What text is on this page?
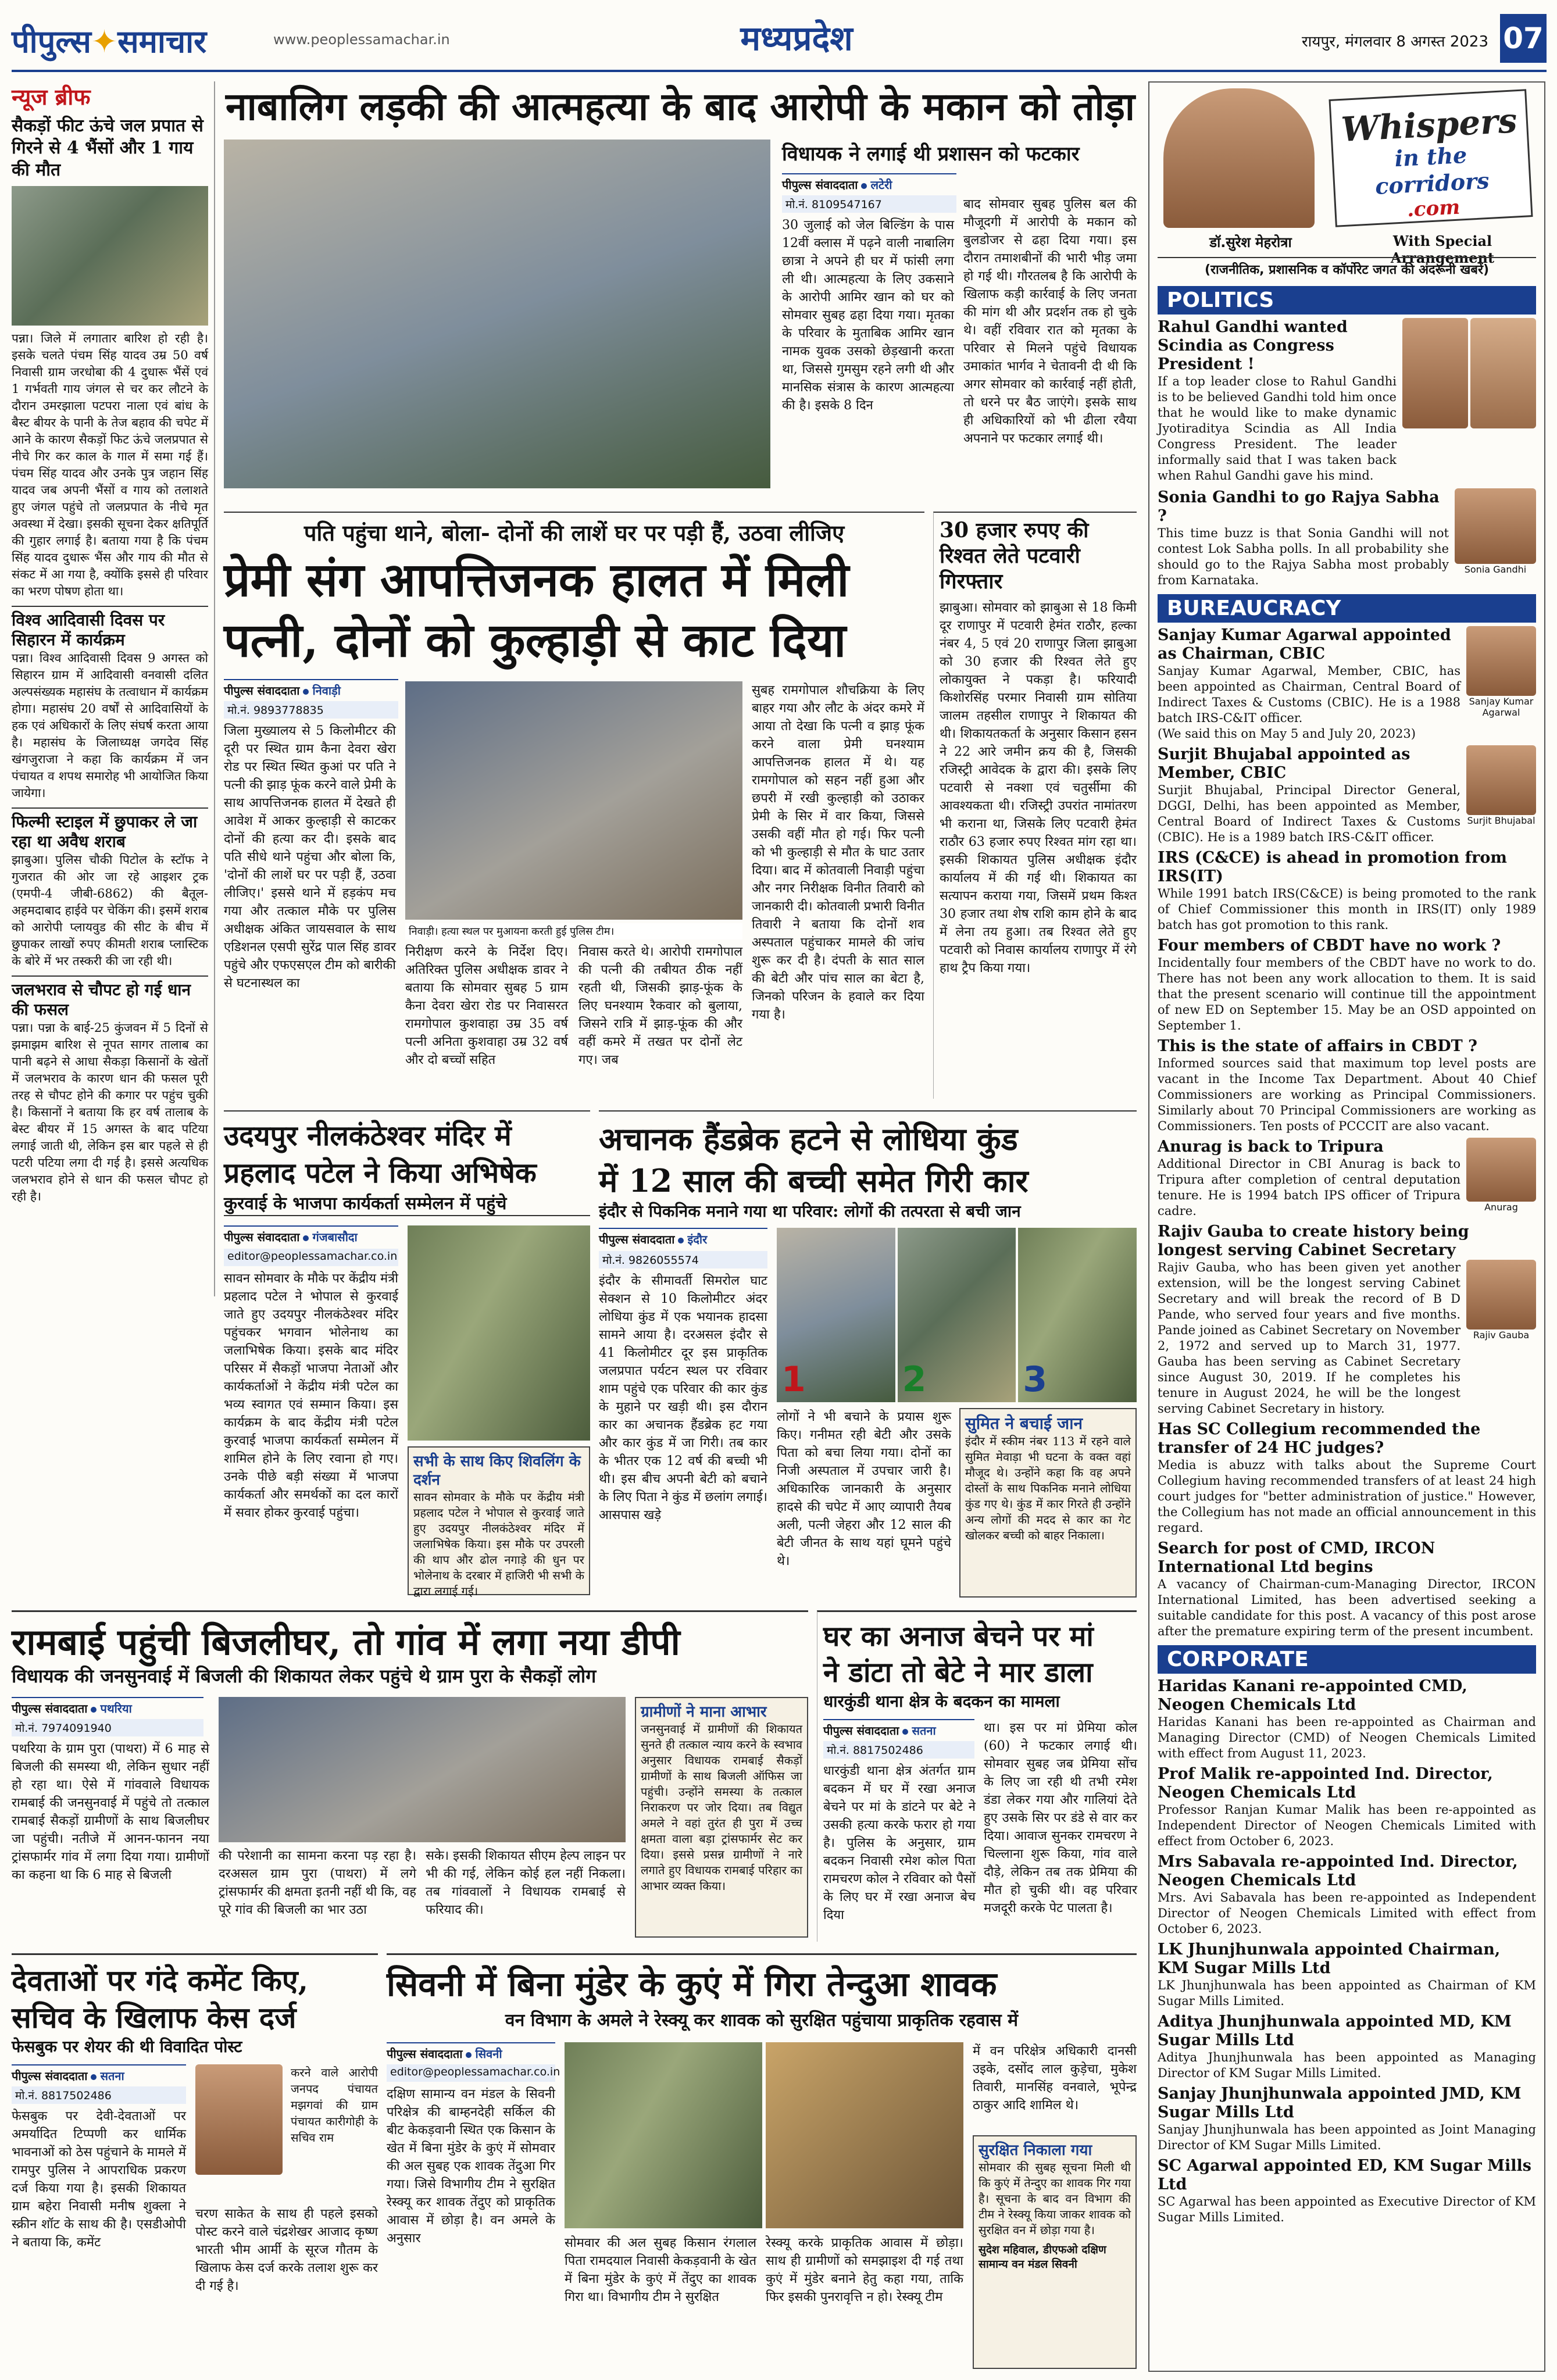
पीपुल्स✦समाचार	www.peoplessamachar.in	मध्यप्रदेश	रायपुर, मंगलवार 8 अगस्त 2023 07
न्यूज ब्रीफ
सैकड़ों फीट ऊंचे जल प्रपात से गिरने से 4 भैंसों और 1 गाय की मौत
पन्ना। जिले में लगातार बारिश हो रही है। इसके चलते पंचम सिंह यादव उम्र 50 वर्ष निवासी ग्राम जरधोबा की 4 दुधारू भैंसें एवं 1 गर्भवती गाय जंगल से चर कर लौटने के दौरान उमरझाला पटपरा नाला एवं बांध के बैस्ट बीयर के पानी के तेज बहाव की चपेट में आने के कारण सैकड़ों फिट ऊंचे जलप्रपात से नीचे गिर कर काल के गाल में समा गई हैं। पंचम सिंह यादव और उनके पुत्र जहान सिंह यादव जब अपनी भैंसों व गाय को तलाशते हुए जंगल पहुंचे तो जलप्रपात के नीचे मृत अवस्था में देखा। इसकी सूचना देकर क्षतिपूर्ति की गुहार लगाई है। बताया गया है कि पंचम सिंह यादव दुधारू भैंस और गाय की मौत से संकट में आ गया है, क्योंकि इससे ही परिवार का भरण पोषण होता था।
विश्व आदिवासी दिवस पर सिहारन में कार्यक्रम
पन्ना। विश्व आदिवासी दिवस 9 अगस्त को सिहारन ग्राम में आदिवासी वनवासी दलित अल्पसंख्यक महासंघ के तत्वाधान में कार्यक्रम होगा। महासंघ 20 वर्षों से आदिवासियों के हक एवं अधिकारों के लिए संघर्ष करता आया है। महासंघ के जिलाध्यक्ष जगदेव सिंह खंगजुराजा ने कहा कि कार्यक्रम में जन पंचायत व शपथ समारोह भी आयोजित किया जायेगा।
फिल्मी स्टाइल में छुपाकर ले जा रहा था अवैध शराब
झाबुआ। पुलिस चौकी पिटोल के स्टॉफ ने गुजरात की ओर जा रहे आइशर ट्रक (एमपी-4 जीबी-6862) की बैतूल-अहमदाबाद हाईवे पर चेकिंग की। इसमें शराब को आरोपी प्लायवुड की सीट के बीच में छुपाकर लाखों रुपए कीमती शराब प्लास्टिक के बोरे में भर तस्करी की जा रही थी।
जलभराव से चौपट हो गई धान की फसल
पन्ना। पन्ना के बाई-25 कुंजवन में 5 दिनों से झमाझम बारिश से नूपत सागर तालाब का पानी बढ़ने से आधा सैकड़ा किसानों के खेतों में जलभराव के कारण धान की फसल पूरी तरह से चौपट होने की कगार पर पहुंच चुकी है। किसानों ने बताया कि हर वर्ष तालाब के बेस्ट बीयर में 15 अगस्त के बाद पटिया लगाई जाती थी, लेकिन इस बार पहले से ही पटरी पटिया लगा दी गई है। इससे अत्यधिक जलभराव होने से धान की फसल चौपट हो रही है।
नाबालिग लड़की की आत्महत्या के बाद आरोपी के मकान को तोड़ा
विधायक ने लगाई थी प्रशासन को फटकार
पीपुल्स संवाददाता लटेरी
मो.नं. 8109547167
30 जुलाई को जेल बिल्डिंग के पास 12वीं क्लास में पढ़ने वाली नाबालिग छात्रा ने अपने ही घर में फांसी लगा ली थी। आत्महत्या के लिए उकसाने के आरोपी आमिर खान को घर को सोमवार सुबह ढहा दिया गया। मृतका के परिवार के मुताबिक आमिर खान नामक युवक उसको छेड़खानी करता था, जिससे गुमसुम रहने लगी थी और मानसिक संत्रास के कारण आत्महत्या की है। इसके 8 दिन
बाद सोमवार सुबह पुलिस बल की मौजूदगी में आरोपी के मकान को बुलडोजर से ढहा दिया गया। इस दौरान तमाशबीनों की भारी भीड़ जमा हो गई थी। गौरतलब है कि आरोपी के खिलाफ कड़ी कार्रवाई के लिए जनता की मांग थी और प्रदर्शन तक हो चुके थे। वहीं रविवार रात को मृतका के परिवार से मिलने पहुंचे विधायक उमाकांत भार्गव ने चेतावनी दी थी कि अगर सोमवार को कार्रवाई नहीं होती, तो धरने पर बैठ जाएंगे। इसके साथ ही अधिकारियों को भी ढीला रवैया अपनाने पर फटकार लगाई थी।
पति पहुंचा थाने, बोला- दोनों की लाशें घर पर पड़ी हैं, उठवा लीजिए
प्रेमी संग आपत्तिजनक हालत में मिली
पत्नी, दोनों को कुल्हाड़ी से काट दिया
पीपुल्स संवाददाता निवाड़ी
मो.नं. 9893778835
जिला मुख्यालय से 5 किलोमीटर की दूरी पर स्थित ग्राम कैना देवरा खेरा रोड पर स्थित स्थित कुआं पर पति ने पत्नी की झाड़ फूंक करने वाले प्रेमी के साथ आपत्तिजनक हालत में देखते ही आवेश में आकर कुल्हाड़ी से काटकर दोनों की हत्या कर दी। इसके बाद पति सीधे थाने पहुंचा और बोला कि, 'दोनों की लाशें घर पर पड़ी हैं, उठवा लीजिए।' इससे थाने में हड़कंप मच गया और तत्काल मौके पर पुलिस अधीक्षक अंकित जायसवाल के साथ एडिशनल एसपी सुरेंद्र पाल सिंह डावर पहुंचे और एफएसएल टीम को बारीकी से घटनास्थल का
निवाड़ी। हत्या स्थल पर मुआयना करती हुई पुलिस टीम।
निरीक्षण करने के निर्देश दिए। अतिरिक्त पुलिस अधीक्षक डावर ने बताया कि सोमवार सुबह 5 ग्राम कैना देवरा खेरा रोड पर निवासरत रामगोपाल कुशवाहा उम्र 35 वर्ष पत्नी अनिता कुशवाहा उम्र 32 वर्ष और दो बच्चों सहित
निवास करते थे। आरोपी रामगोपाल की पत्नी की तबीयत ठीक नहीं रहती थी, जिसकी झाड़-फूंक के लिए घनश्याम रैकवार को बुलाया, जिसने रात्रि में झाड़-फूंक की और वहीं कमरे में तखत पर दोनों लेट गए। जब
सुबह रामगोपाल शौचक्रिया के लिए बाहर गया और लौट के अंदर कमरे में आया तो देखा कि पत्नी व झाड़ फूंक करने वाला प्रेमी घनश्याम आपत्तिजनक हालत में थे। यह रामगोपाल को सहन नहीं हुआ और छपरी में रखी कुल्हाड़ी को उठाकर प्रेमी के सिर में वार किया, जिससे उसकी वहीं मौत हो गई। फिर पत्नी को भी कुल्हाड़ी से मौत के घाट उतार दिया। बाद में कोतवाली निवाड़ी पहुंचा और नगर निरीक्षक विनीत तिवारी को जानकारी दी। कोतवाली प्रभारी विनीत तिवारी ने बताया कि दोनों शव अस्पताल पहुंचाकर मामले की जांच शुरू कर दी है। दंपती के सात साल की बेटी और पांच साल का बेटा है, जिनको परिजन के हवाले कर दिया गया है।
30 हजार रुपए की रिश्वत लेते पटवारी गिरफ्तार
झाबुआ। सोमवार को झाबुआ से 18 किमी दूर राणापुर में पटवारी हेमंत राठौर, हल्का नंबर 4, 5 एवं 20 राणापुर जिला झाबुआ को 30 हजार की रिश्वत लेते हुए लोकायुक्त ने पकड़ा है। फरियादी किशोरसिंह परमार निवासी ग्राम सोतिया जालम तहसील राणापुर ने शिकायत की थी। शिकायतकर्ता के अनुसार किसान हसन ने 22 आरे जमीन क्रय की है, जिसकी रजिस्ट्री आवेदक के द्वारा की। इसके लिए पटवारी से नक्शा एवं चतुर्सीमा की आवश्यकता थी। रजिस्ट्री उपरांत नामांतरण भी कराना था, जिसके लिए पटवारी हेमंत राठौर 63 हजार रुपए रिश्वत मांग रहा था। इसकी शिकायत पुलिस अधीक्षक इंदौर कार्यालय में की गई थी। शिकायत का सत्यापन कराया गया, जिसमें प्रथम किश्त 30 हजार तथा शेष राशि काम होने के बाद में लेना तय हुआ। तब रिश्वत लेते हुए पटवारी को निवास कार्यालय राणापुर में रंगे हाथ ट्रैप किया गया।
उदयपुर नीलकंठेश्वर मंदिर में
प्रहलाद पटेल ने किया अभिषेक
कुरवाई के भाजपा कार्यकर्ता सम्मेलन में पहुंचे
पीपुल्स संवाददाता गंजबासौदा
editor@peoplessamachar.co.in
सावन सोमवार के मौके पर केंद्रीय मंत्री प्रहलाद पटेल ने भोपाल से कुरवाई जाते हुए उदयपुर नीलकंठेश्वर मंदिर पहुंचकर भगवान भोलेनाथ का जलाभिषेक किया। इसके बाद मंदिर परिसर में सैकड़ों भाजपा नेताओं और कार्यकर्ताओं ने केंद्रीय मंत्री पटेल का भव्य स्वागत एवं सम्मान किया। इस कार्यक्रम के बाद केंद्रीय मंत्री पटेल कुरवाई भाजपा कार्यकर्ता सम्मेलन में शामिल होने के लिए रवाना हो गए। उनके पीछे बड़ी संख्या में भाजपा कार्यकर्ता और समर्थकों का दल कारों में सवार होकर कुरवाई पहुंचा।
सभी के साथ किए शिवलिंग के दर्शन
सावन सोमवार के मौके पर केंद्रीय मंत्री प्रहलाद पटेल ने भोपाल से कुरवाई जाते हुए उदयपुर नीलकंठेश्वर मंदिर में जलाभिषेक किया। इस मौके पर उपरली की थाप और ढोल नगाड़े की धुन पर भोलेनाथ के दरबार में हाजिरी भी सभी के द्वारा लगाई गई।
अचानक हैंडब्रेक हटने से लोधिया कुंड
में 12 साल की बच्ची समेत गिरी कार
इंदौर से पिकनिक मनाने गया था परिवार: लोगों की तत्परता से बची जान
पीपुल्स संवाददाता इंदौर
मो.नं. 9826055574
इंदौर के सीमावर्ती सिमरोल घाट सेक्शन से 10 किलोमीटर अंदर लोधिया कुंड में एक भयानक हादसा सामने आया है। दरअसल इंदौर से 41 किलोमीटर दूर इस प्राकृतिक जलप्रपात पर्यटन स्थल पर रविवार शाम पहुंचे एक परिवार की कार कुंड के मुहाने पर खड़ी थी। इस दौरान कार का अचानक हैंडब्रेक हट गया और कार कुंड में जा गिरी। तब कार के भीतर एक 12 वर्ष की बच्ची भी थी। इस बीच अपनी बेटी को बचाने के लिए पिता ने कुंड में छलांग लगाई। आसपास खड़े
1	2	3
लोगों ने भी बचाने के प्रयास शुरू किए। गनीमत रही बेटी और उसके पिता को बचा लिया गया। दोनों का निजी अस्पताल में उपचार जारी है। अधिकारिक जानकारी के अनुसार हादसे की चपेट में आए व्यापारी तैयब अली, पत्नी जेहरा और 12 साल की बेटी जीनत के साथ यहां घूमने पहुंचे थे।
सुमित ने बचाई जान
इंदौर में स्कीम नंबर 113 में रहने वाले सुमित मेवाड़ा भी घटना के वक्त वहां मौजूद थे। उन्होंने कहा कि वह अपने दोस्तों के साथ पिकनिक मनाने लोधिया कुंड गए थे। कुंड में कार गिरते ही उन्होंने अन्य लोगों की मदद से कार का गेट खोलकर बच्ची को बाहर निकाला।
रामबाई पहुंची बिजलीघर, तो गांव में लगा नया डीपी
विधायक की जनसुनवाई में बिजली की शिकायत लेकर पहुंचे थे ग्राम पुरा के सैकड़ों लोग
पीपुल्स संवाददाता पथरिया
मो.नं. 7974091940
पथरिया के ग्राम पुरा (पाथरा) में 6 माह से बिजली की समस्या थी, लेकिन सुधार नहीं हो रहा था। ऐसे में गांववाले विधायक रामबाई की जनसुनवाई में पहुंचे तो तत्काल रामबाई सैकड़ों ग्रामीणों के साथ बिजलीघर जा पहुंची। नतीजे में आनन-फानन नया ट्रांसफार्मर गांव में लगा दिया गया। ग्रामीणों का कहना था कि 6 माह से बिजली
की परेशानी का सामना करना पड़ रहा है। दरअसल ग्राम पुरा (पाथरा) में लगे ट्रांसफार्मर की क्षमता इतनी नहीं थी कि, वह पूरे गांव की बिजली का भार उठा
सके। इसकी शिकायत सीएम हेल्प लाइन पर भी की गई, लेकिन कोई हल नहीं निकला। तब गांववालों ने विधायक रामबाई से फरियाद की।
ग्रामीणों ने माना आभार
जनसुनवाई में ग्रामीणों की शिकायत सुनते ही तत्काल न्याय करने के स्वभाव अनुसार विधायक रामबाई सैकड़ों ग्रामीणों के साथ बिजली ऑफिस जा पहुंची। उन्होंने समस्या के तत्काल निराकरण पर जोर दिया। तब विद्युत अमले ने वहां तुरंत ही पुरा में उच्च क्षमता वाला बड़ा ट्रांसफार्मर सेट कर दिया। इससे प्रसन्न ग्रामीणों ने नारे लगाते हुए विधायक रामबाई परिहार का आभार व्यक्त किया।
घर का अनाज बेचने पर मां
ने डांटा तो बेटे ने मार डाला
धारकुंडी थाना क्षेत्र के बदकन का मामला
पीपुल्स संवाददाता सतना
मो.नं. 8817502486
धारकुंडी थाना क्षेत्र अंतर्गत ग्राम बदकन में घर में रखा अनाज बेचने पर मां के डांटने पर बेटे ने उसकी हत्या करके फरार हो गया है। पुलिस के अनुसार, ग्राम बदकन निवासी रमेश कोल पिता रामचरण कोल ने रविवार को पैसों के लिए घर में रखा अनाज बेच दिया
था। इस पर मां प्रेमिया कोल (60) ने फटकार लगाई थी। सोमवार सुबह जब प्रेमिया सोंच के लिए जा रही थी तभी रमेश डंडा लेकर गया और गालियां देते हुए उसके सिर पर डंडे से वार कर दिया। आवाज सुनकर रामचरण ने चिल्लाना शुरू किया, गांव वाले दौड़े, लेकिन तब तक प्रेमिया की मौत हो चुकी थी। वह परिवार मजदूरी करके पेट पालता है।
देवताओं पर गंदे कमेंट किए,
सचिव के खिलाफ केस दर्ज
फेसबुक पर शेयर की थी विवादित पोस्ट
पीपुल्स संवाददाता सतना
मो.नं. 8817502486
फेसबुक पर देवी-देवताओं पर अमर्यादित टिप्पणी कर धार्मिक भावनाओं को ठेस पहुंचाने के मामले में रामपुर पुलिस ने आपराधिक प्रकरण दर्ज किया गया है। इसकी शिकायत ग्राम बहेरा निवासी मनीष शुक्ला ने स्क्रीन शॉट के साथ की है। एसडीओपी ने बताया कि, कमेंट
करने वाले आरोपी जनपद पंचायत मझगवां की ग्राम पंचायत कारीगोही के सचिव राम
चरण साकेत के साथ ही पहले इसको पोस्ट करने वाले चंद्रशेखर आजाद कृष्ण भारती भीम आर्मी के सूरज गौतम के खिलाफ केस दर्ज करके तलाश शुरू कर दी गई है।
सिवनी में बिना मुंडेर के कुएं में गिरा तेन्दुआ शावक
वन विभाग के अमले ने रेस्क्यू कर शावक को सुरक्षित पहुंचाया प्राकृतिक रहवास में
पीपुल्स संवाददाता सिवनी
editor@peoplessamachar.co.in
दक्षिण सामान्य वन मंडल के सिवनी परिक्षेत्र की बाम्हनदेही सर्किल की बीट केकड़वानी स्थित एक किसान के खेत में बिना मुंडेर के कुएं में सोमवार की अल सुबह एक शावक तेंदुआ गिर गया। जिसे विभागीय टीम ने सुरक्षित रेस्क्यू कर शावक तेंदुए को प्राकृतिक आवास में छोड़ा है। वन अमले के अनुसार	सोमवार की अल सुबह किसान रंगलाल पिता रामदयाल निवासी केकड़वानी के खेत में बिना मुंडेर के कुएं में तेंदुए का शावक गिरा था। विभागीय टीम ने सुरक्षित
रेस्क्यू करके प्राकृतिक आवास में छोड़ा। साथ ही ग्रामीणों को समझाइश दी गई तथा कुएं में मुंडेर बनाने हेतु कहा गया, ताकि फिर इसकी पुनरावृत्ति न हो। रेस्क्यू टीम
में वन परिक्षेत्र अधिकारी दानसी उइके, दसोंद लाल कुड़ेचा, मुकेश तिवारी, मानसिंह वनवाले, भूपेन्द्र ठाकुर आदि शामिल थे।
सुरक्षित निकाला गया
सोमवार की सुबह सूचना मिली थी कि कुएं में तेन्दुए का शावक गिर गया है। सूचना के बाद वन विभाग की टीम ने रेस्क्यू किया जाकर शावक को सुरक्षित वन में छोड़ा गया है।
सुदेश महिवाल, डीएफओ दक्षिण सामान्य वन मंडल सिवनी
Whispers
in the corridors
.com
डॉ.सुरेश मेहरोत्रा	With Special Arrangement
(राजनीतिक, प्रशासनिक व कॉर्पोरेट जगत की अंदरूनी खबरें)
POLITICS
Rahul Gandhi wanted Scindia as Congress President !
If a top leader close to Rahul Gandhi is to be believed Gandhi told him once that he would like to make dynamic Jyotiraditya Scindia as All India Congress President. The leader informally said that I was taken back when Rahul Gandhi gave his mind.
Sonia Gandhi to go Rajya Sabha ?
This time buzz is that Sonia Gandhi will not contest Lok Sabha polls. In all probability she should go to the Rajya Sabha most probably from Karnataka.
Sonia Gandhi
BUREAUCRACY
Sanjay Kumar Agarwal appointed as Chairman, CBIC
Sanjay Kumar Agarwal, Member, CBIC, has been appointed as Chairman, Central Board of Indirect Taxes & Customs (CBIC). He is a 1988 batch IRS-C&IT officer.
(We said this on May 5 and July 20, 2023)
Sanjay Kumar Agarwal
Surjit Bhujabal appointed as Member, CBIC
Surjit Bhujabal, Principal Director General, DGGI, Delhi, has been appointed as Member, Central Board of Indirect Taxes & Customs (CBIC). He is a 1989 batch IRS-C&IT officer.
Surjit Bhujabal
IRS (C&CE) is ahead in promotion from IRS(IT)
While 1991 batch IRS(C&CE) is being promoted to the rank of Chief Commissioner this month in IRS(IT) only 1989 batch has got promotion to this rank.
Four members of CBDT have no work ?
Incidentally four members of the CBDT have no work to do. There has not been any work allocation to them. It is said that the present scenario will continue till the appointment of new ED on September 15. May be an OSD appointed on September 1.
This is the state of affairs in CBDT ?
Informed sources said that maximum top level posts are vacant in the Income Tax Department. About 40 Chief Commissioners are working as Principal Commissioners. Similarly about 70 Principal Commissioners are working as Commissioners. Ten posts of PCCCIT are also vacant.
Anurag is back to Tripura
Additional Director in CBI Anurag is back to Tripura after completion of central deputation tenure. He is 1994 batch IPS officer of Tripura cadre.	Anurag
Rajiv Gauba to create history being longest serving Cabinet Secretary
Rajiv Gauba, who has been given yet another extension, will be the longest serving Cabinet Secretary and will break the record of B D Pande, who served four years and five months. Pande joined as Cabinet Secretary on November 2, 1972 and served up to March 31, 1977. Gauba has been serving as Cabinet Secretary since August 30, 2019. If he completes his tenure in August 2024, he will be the longest serving Cabinet Secretary in history.
Rajiv Gauba
Has SC Collegium recommended the transfer of 24 HC judges?
Media is abuzz with talks about the Supreme Court Collegium having recommended transfers of at least 24 high court judges for "better administration of justice." However, the Collegium has not made an official announcement in this regard.
Search for post of CMD, IRCON International Ltd begins
A vacancy of Chairman-cum-Managing Director, IRCON International Limited, has been advertised seeking a suitable candidate for this post. A vacancy of this post arose after the premature expiring term of the present incumbent.
CORPORATE
Haridas Kanani re-appointed CMD, Neogen Chemicals Ltd
Haridas Kanani has been re-appointed as Chairman and Managing Director (CMD) of Neogen Chemicals Limited with effect from August 11, 2023.
Prof Malik re-appointed Ind. Director, Neogen Chemicals Ltd
Professor Ranjan Kumar Malik has been re-appointed as Independent Director of Neogen Chemicals Limited with effect from October 6, 2023.
Mrs Sabavala re-appointed Ind. Director, Neogen Chemicals Ltd
Mrs. Avi Sabavala has been re-appointed as Independent Director of Neogen Chemicals Limited with effect from October 6, 2023.
LK Jhunjhunwala appointed Chairman, KM Sugar Mills Ltd
LK Jhunjhunwala has been appointed as Chairman of KM Sugar Mills Limited.
Aditya Jhunjhunwala appointed MD, KM Sugar Mills Ltd
Aditya Jhunjhunwala has been appointed as Managing Director of KM Sugar Mills Limited.
Sanjay Jhunjhunwala appointed JMD, KM Sugar Mills Ltd
Sanjay Jhunjhunwala has been appointed as Joint Managing Director of KM Sugar Mills Limited.
SC Agarwal appointed ED, KM Sugar Mills Ltd
SC Agarwal has been appointed as Executive Director of KM Sugar Mills Limited.
